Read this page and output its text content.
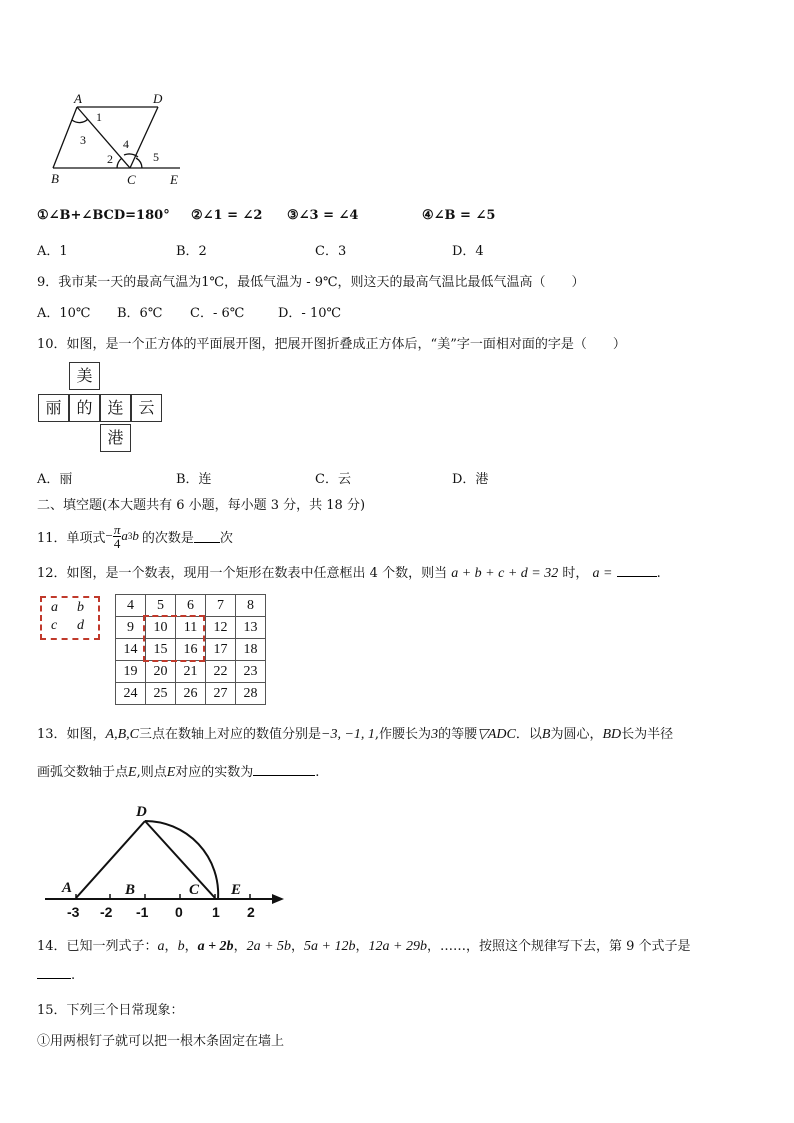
A	D
B	C	E
1
3	4
2	5
①∠B+∠BCD=180° ②∠1 = ∠2 ③∠3 = ∠4	④∠B = ∠5
A．1	B．2	C．3	D．4
9．我市某一天的最高气温为1℃，最低气温为 - 9℃，则这天的最高气温比最低气温高（　　）
A．10℃ B．6℃ C．- 6℃	D．- 10℃
10．如图，是一个正方体的平面展开图，把展开图折叠成正方体后，“美”字一面相对面的字是（　　）
美
丽 的 连 云
港
A．丽	B．连	C．云	D．港
二、填空题(本大题共有 6 小题，每小题 3 分，共 18 分)
11．单项式 − $\frac{\pi}{4}$ a 3 b 的次数是 次
12．如图，是一个数表，现用一个矩形在数表中任意框出 4 个数，则当 a + b + c + d = 32 时， a =	.
a b
c d
4	5	6	7	8
9	10	11	12	13
14	15	16	17	18
19	20	21	22	23
24	25	26	27	28
13．如图，A,B,C三点在数轴上对应的数值分别是−3, −1, 1,作腰长为3的等腰▽ADC．以B为圆心，BD长为半径
画弧交数轴于点E,则点E对应的实数为	.
D
A	B	C E
-3 -2 -1 0 1 2
14．已知一列式子：a，b，a + 2b，2a + 5b，5a + 12b，12a + 29b，……，按照这个规律写下去，第 9 个式子是
.
15．下列三个日常现象：
①用两根钉子就可以把一根木条固定在墙上
